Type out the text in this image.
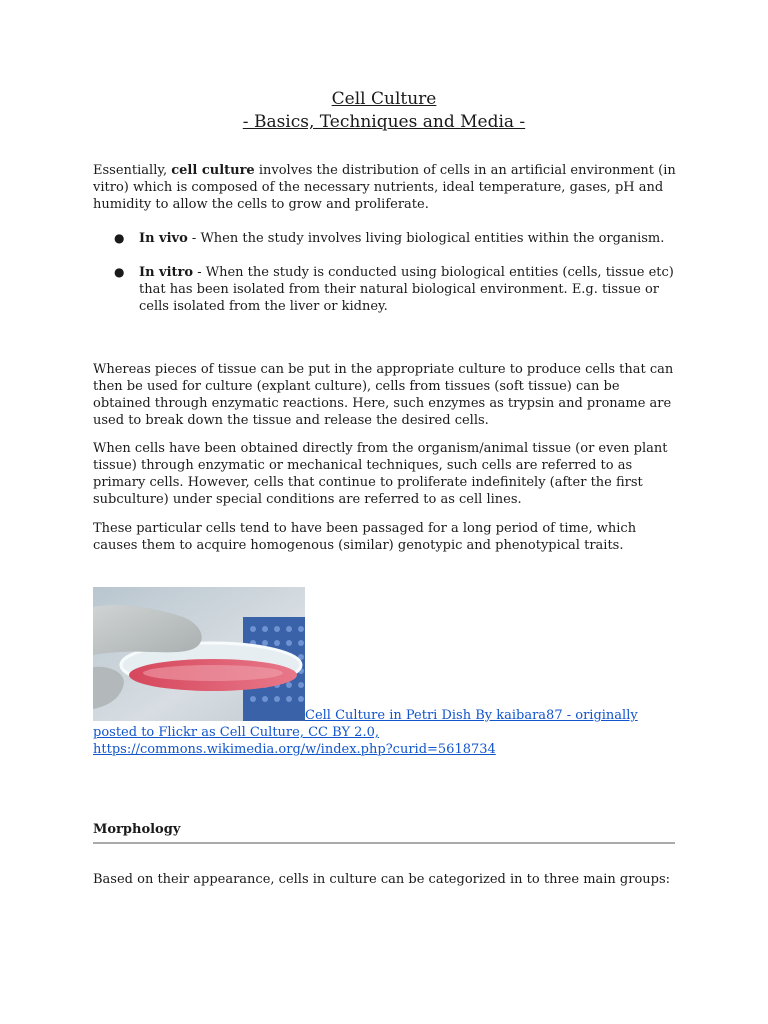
Cell Culture
- Basics, Techniques and Media -

Essentially, cell culture involves the distribution of cells in an artificial environment (in vitro) which is composed of the necessary nutrients, ideal temperature, gases, pH and humidity to allow the cells to grow and proliferate.

●	In vivo - When the study involves living biological entities within the organism.
●	In vitro - When the study is conducted using biological entities (cells, tissue etc) that has been isolated from their natural biological environment. E.g. tissue or cells isolated from the liver or kidney.

Whereas pieces of tissue can be put in the appropriate culture to produce cells that can then be used for culture (explant culture), cells from tissues (soft tissue) can be obtained through enzymatic reactions. Here, such enzymes as trypsin and proname are used to break down the tissue and release the desired cells.

When cells have been obtained directly from the organism/animal tissue (or even plant tissue) through enzymatic or mechanical techniques, such cells are referred to as primary cells. However, cells that continue to proliferate indefinitely (after the first subculture) under special conditions are referred to as cell lines.

These particular cells tend to have been passaged for a long period of time, which causes them to acquire homogenous (similar) genotypic and phenotypical traits.

Cell Culture in Petri Dish By kaibara87 - originally posted to Flickr as Cell Culture, CC BY 2.0, https://commons.wikimedia.org/w/index.php?curid=5618734
Morphology

Based on their appearance, cells in culture can be categorized in to three main groups:
